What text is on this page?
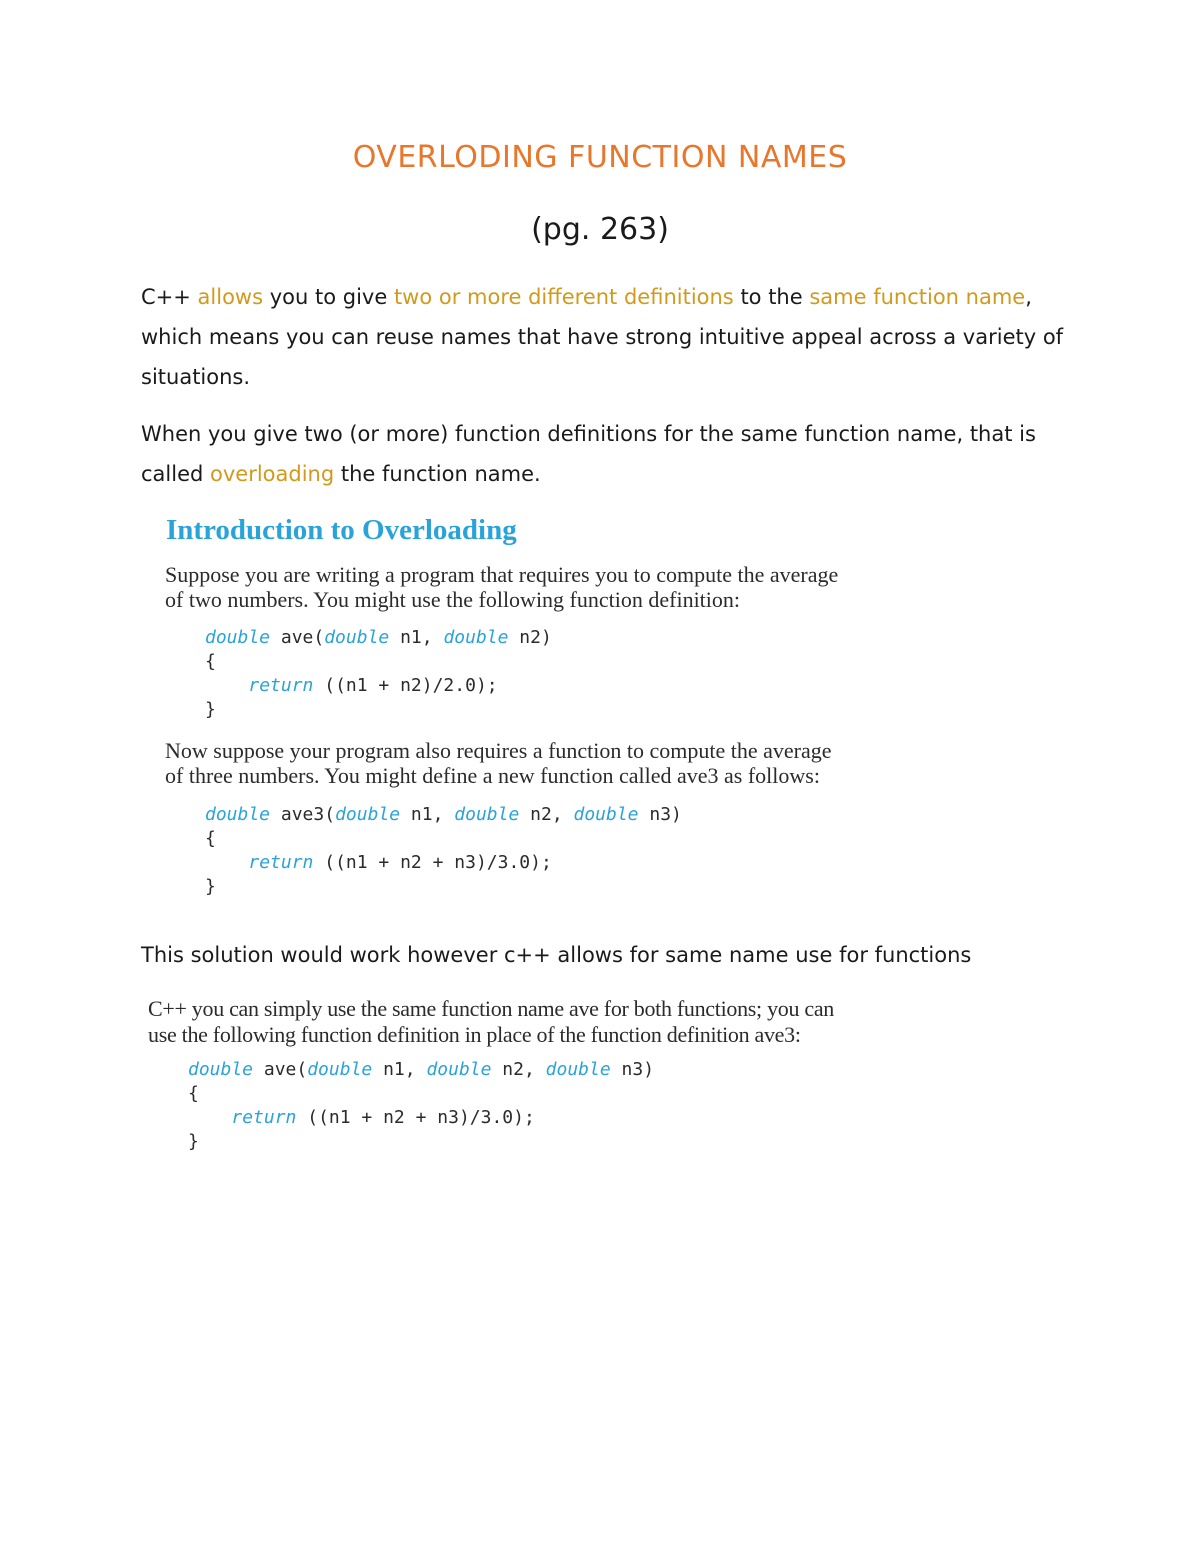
OVERLODING FUNCTION NAMES
(pg. 263)
C++ allows you to give two or more different definitions to the same function name, which means you can reuse names that have strong intuitive appeal across a variety of situations.
When you give two (or more) function definitions for the same function name, that is called overloading the function name.
Introduction to Overloading
Suppose you are writing a program that requires you to compute the average
of two numbers. You might use the following function definition:
double ave(double n1, double n2)
{
return ((n1 + n2)/2.0);
}
Now suppose your program also requires a function to compute the average
of three numbers. You might define a new function called ave3 as follows:
double ave3(double n1, double n2, double n3)
{
return ((n1 + n2 + n3)/3.0);
}
This solution would work however c++ allows for same name use for functions
C++ you can simply use the same function name ave for both functions; you can
use the following function definition in place of the function definition ave3:
double ave(double n1, double n2, double n3)
{
return ((n1 + n2 + n3)/3.0);
}
